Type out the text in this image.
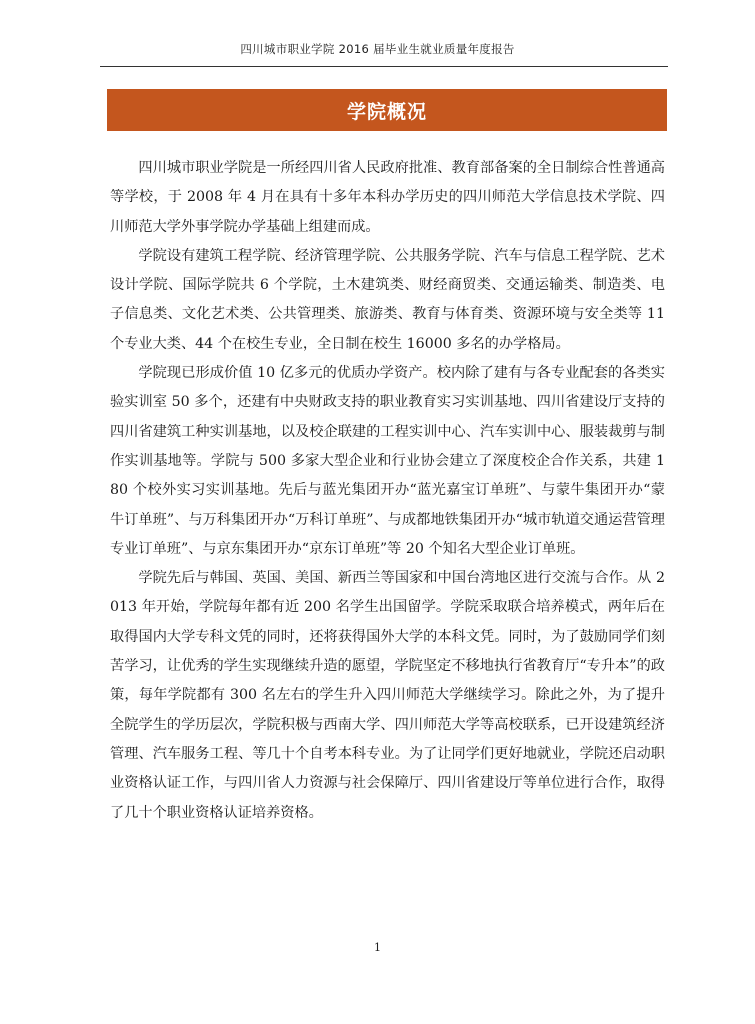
四川城市职业学院 2016 届毕业生就业质量年度报告
学院概况

四川城市职业学院是一所经四川省人民政府批准、教育部备案的全日制综合性普通高等学校，于 2008 年 4 月在具有十多年本科办学历史的四川师范大学信息技术学院、四川师范大学外事学院办学基础上组建而成。

学院设有建筑工程学院、经济管理学院、公共服务学院、汽车与信息工程学院、艺术设计学院、国际学院共 6 个学院，土木建筑类、财经商贸类、交通运输类、制造类、电子信息类、文化艺术类、公共管理类、旅游类、教育与体育类、资源环境与安全类等 11 个专业大类、44 个在校生专业，全日制在校生 16000 多名的办学格局。

学院现已形成价值 10 亿多元的优质办学资产。校内除了建有与各专业配套的各类实验实训室 50 多个，还建有中央财政支持的职业教育实习实训基地、四川省建设厅支持的四川省建筑工种实训基地，以及校企联建的工程实训中心、汽车实训中心、服装裁剪与制作实训基地等。学院与 500 多家大型企业和行业协会建立了深度校企合作关系，共建 180 个校外实习实训基地。先后与蓝光集团开办“蓝光嘉宝订单班”、与蒙牛集团开办“蒙牛订单班”、与万科集团开办“万科订单班”、与成都地铁集团开办“城市轨道交通运营管理专业订单班”、与京东集团开办“京东订单班”等 20 个知名大型企业订单班。

学院先后与韩国、英国、美国、新西兰等国家和中国台湾地区进行交流与合作。从 2013 年开始，学院每年都有近 200 名学生出国留学。学院采取联合培养模式，两年后在取得国内大学专科文凭的同时，还将获得国外大学的本科文凭。同时，为了鼓励同学们刻苦学习，让优秀的学生实现继续升造的愿望，学院坚定不移地执行省教育厅“专升本”的政策，每年学院都有 300 名左右的学生升入四川师范大学继续学习。除此之外，为了提升全院学生的学历层次，学院积极与西南大学、四川师范大学等高校联系，已开设建筑经济管理、汽车服务工程、等几十个自考本科专业。为了让同学们更好地就业，学院还启动职业资格认证工作，与四川省人力资源与社会保障厅、四川省建设厅等单位进行合作，取得了几十个职业资格认证培养资格。

1
